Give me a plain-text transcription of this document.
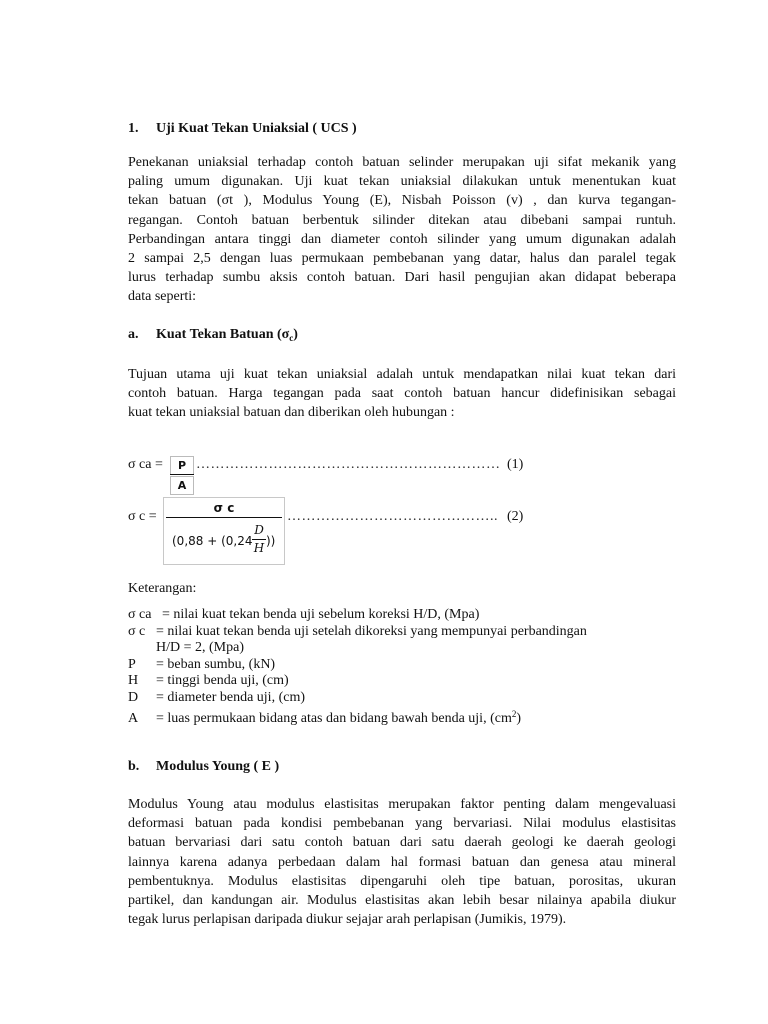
1. Uji Kuat Tekan Uniaksial ( UCS )
Penekanan uniaksial terhadap contoh batuan selinder merupakan uji sifat mekanik yang
paling umum digunakan. Uji kuat tekan uniaksial dilakukan untuk menentukan kuat
tekan batuan (σt ), Modulus Young (E), Nisbah Poisson (v) , dan kurva tegangan-
regangan. Contoh batuan berbentuk silinder ditekan atau dibebani sampai runtuh.
Perbandingan antara tinggi dan diameter contoh silinder yang umum digunakan adalah
2 sampai 2,5 dengan luas permukaan pembebanan yang datar, halus dan paralel tegak
lurus terhadap sumbu aksis contoh batuan. Dari hasil pengujian akan didapat beberapa
data seperti:
a. Kuat Tekan Batuan $(\sigma_c)$
Tujuan utama uji kuat tekan uniaksial adalah untuk mendapatkan nilai kuat tekan dari
contoh batuan. Harga tegangan pada saat contoh batuan hancur didefinisikan sebagai
kuat tekan uniaksial batuan dan diberikan oleh hubungan :
σ ca =	P
A
……………………………………………………… (1)
σ c =
σ c
(0,88 + (0,24
D
H ))
…………………………………….. (2)
Keterangan:
σ ca = nilai kuat tekan benda uji sebelum koreksi H/D, (Mpa)
σ c = nilai kuat tekan benda uji setelah dikoreksi yang mempunyai perbandingan
H/D = 2, (Mpa)
P = beban sumbu, (kN)
H = tinggi benda uji, (cm)
D = diameter benda uji, (cm)
A = luas permukaan bidang atas dan bidang bawah benda uji, $(cm^2)$
b. Modulus Young ( E )
Modulus Young atau modulus elastisitas merupakan faktor penting dalam mengevaluasi
deformasi batuan pada kondisi pembebanan yang bervariasi. Nilai modulus elastisitas
batuan bervariasi dari satu contoh batuan dari satu daerah geologi ke daerah geologi
lainnya karena adanya perbedaan dalam hal formasi batuan dan genesa atau mineral
pembentuknya. Modulus elastisitas dipengaruhi oleh tipe batuan, porositas, ukuran
partikel, dan kandungan air. Modulus elastisitas akan lebih besar nilainya apabila diukur
tegak lurus perlapisan daripada diukur sejajar arah perlapisan (Jumikis, 1979).
